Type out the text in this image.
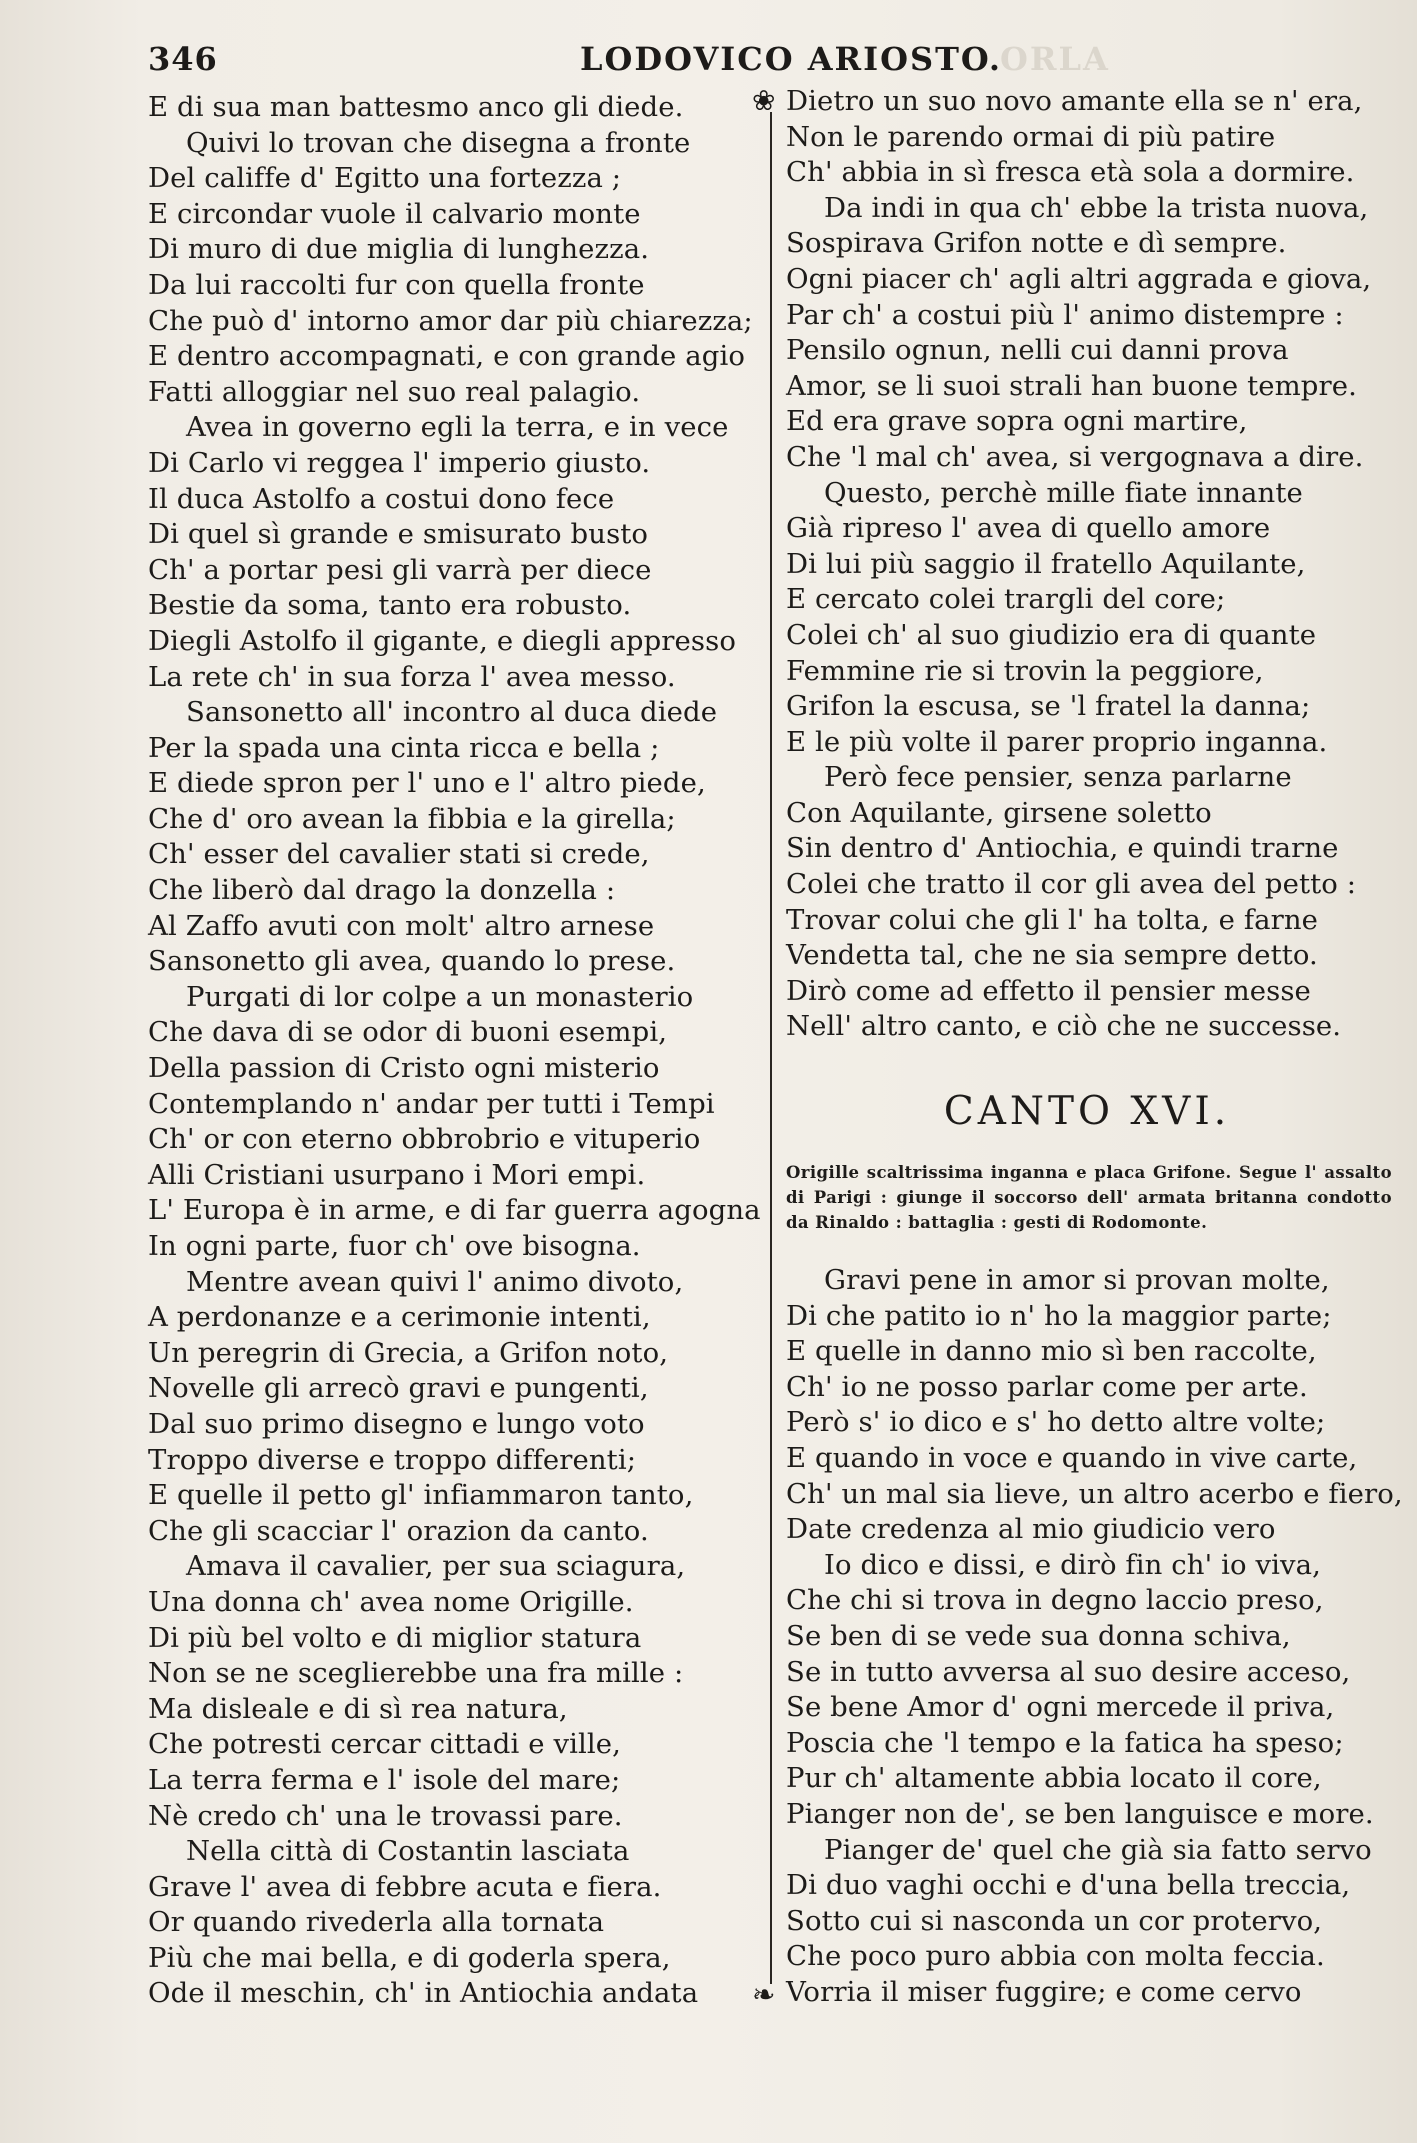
346	LODOVICO ARIOSTO.
ORLA
E di sua man battesmo anco gli diede.
Quivi lo trovan che disegna a fronte
Del califfe d' Egitto una fortezza ;
E circondar vuole il calvario monte
Di muro di due miglia di lunghezza.
Da lui raccolti fur con quella fronte
Che può d' intorno amor dar più chiarezza;
E dentro accompagnati, e con grande agio
Fatti alloggiar nel suo real palagio.
Avea in governo egli la terra, e in vece
Di Carlo vi reggea l' imperio giusto.
Il duca Astolfo a costui dono fece
Di quel sì grande e smisurato busto
Ch' a portar pesi gli varrà per diece
Bestie da soma, tanto era robusto.
Diegli Astolfo il gigante, e diegli appresso
La rete ch' in sua forza l' avea messo.
Sansonetto all' incontro al duca diede
Per la spada una cinta ricca e bella ;
E diede spron per l' uno e l' altro piede,
Che d' oro avean la fibbia e la girella;
Ch' esser del cavalier stati si crede,
Che liberò dal drago la donzella :
Al Zaffo avuti con molt' altro arnese
Sansonetto gli avea, quando lo prese.
Purgati di lor colpe a un monasterio
Che dava di se odor di buoni esempi,
Della passion di Cristo ogni misterio
Contemplando n' andar per tutti i Tempi
Ch' or con eterno obbrobrio e vituperio
Alli Cristiani usurpano i Mori empi.
L' Europa è in arme, e di far guerra agogna
In ogni parte, fuor ch' ove bisogna.
Mentre avean quivi l' animo divoto,
A perdonanze e a cerimonie intenti,
Un peregrin di Grecia, a Grifon noto,
Novelle gli arrecò gravi e pungenti,
Dal suo primo disegno e lungo voto
Troppo diverse e troppo differenti;
E quelle il petto gl' infiammaron tanto,
Che gli scacciar l' orazion da canto.
Amava il cavalier, per sua sciagura,
Una donna ch' avea nome Origille.
Di più bel volto e di miglior statura
Non se ne sceglierebbe una fra mille :
Ma disleale e di sì rea natura,
Che potresti cercar cittadi e ville,
La terra ferma e l' isole del mare;
Nè credo ch' una le trovassi pare.
Nella città di Costantin lasciata
Grave l' avea di febbre acuta e fiera.
Or quando rivederla alla tornata
Più che mai bella, e di goderla spera,
Ode il meschin, ch' in Antiochia andata
❀
❧
Dietro un suo novo amante ella se n' era,
Non le parendo ormai di più patire
Ch' abbia in sì fresca età sola a dormire.
Da indi in qua ch' ebbe la trista nuova,
Sospirava Grifon notte e dì sempre.
Ogni piacer ch' agli altri aggrada e giova,
Par ch' a costui più l' animo distempre :
Pensilo ognun, nelli cui danni prova
Amor, se li suoi strali han buone tempre.
Ed era grave sopra ogni martire,
Che 'l mal ch' avea, si vergognava a dire.
Questo, perchè mille fiate innante
Già ripreso l' avea di quello amore
Di lui più saggio il fratello Aquilante,
E cercato colei trargli del core;
Colei ch' al suo giudizio era di quante
Femmine rie si trovin la peggiore,
Grifon la escusa, se 'l fratel la danna;
E le più volte il parer proprio inganna.
Però fece pensier, senza parlarne
Con Aquilante, girsene soletto
Sin dentro d' Antiochia, e quindi trarne
Colei che tratto il cor gli avea del petto :
Trovar colui che gli l' ha tolta, e farne
Vendetta tal, che ne sia sempre detto.
Dirò come ad effetto il pensier messe
Nell' altro canto, e ciò che ne successe.
CANTO XVI.
Origille scaltrissima inganna e placa Grifone. Segue l' assalto di Parigi : giunge il soccorso dell' armata britanna condotto da Rinaldo : battaglia : gesti di Rodomonte.
Gravi pene in amor si provan molte,
Di che patito io n' ho la maggior parte;
E quelle in danno mio sì ben raccolte,
Ch' io ne posso parlar come per arte.
Però s' io dico e s' ho detto altre volte;
E quando in voce e quando in vive carte,
Ch' un mal sia lieve, un altro acerbo e fiero,
Date credenza al mio giudicio vero
Io dico e dissi, e dirò fin ch' io viva,
Che chi si trova in degno laccio preso,
Se ben di se vede sua donna schiva,
Se in tutto avversa al suo desire acceso,
Se bene Amor d' ogni mercede il priva,
Poscia che 'l tempo e la fatica ha speso;
Pur ch' altamente abbia locato il core,
Pianger non de', se ben languisce e more.
Pianger de' quel che già sia fatto servo
Di duo vaghi occhi e d'una bella treccia,
Sotto cui si nasconda un cor protervo,
Che poco puro abbia con molta feccia.
Vorria il miser fuggire; e come cervo
